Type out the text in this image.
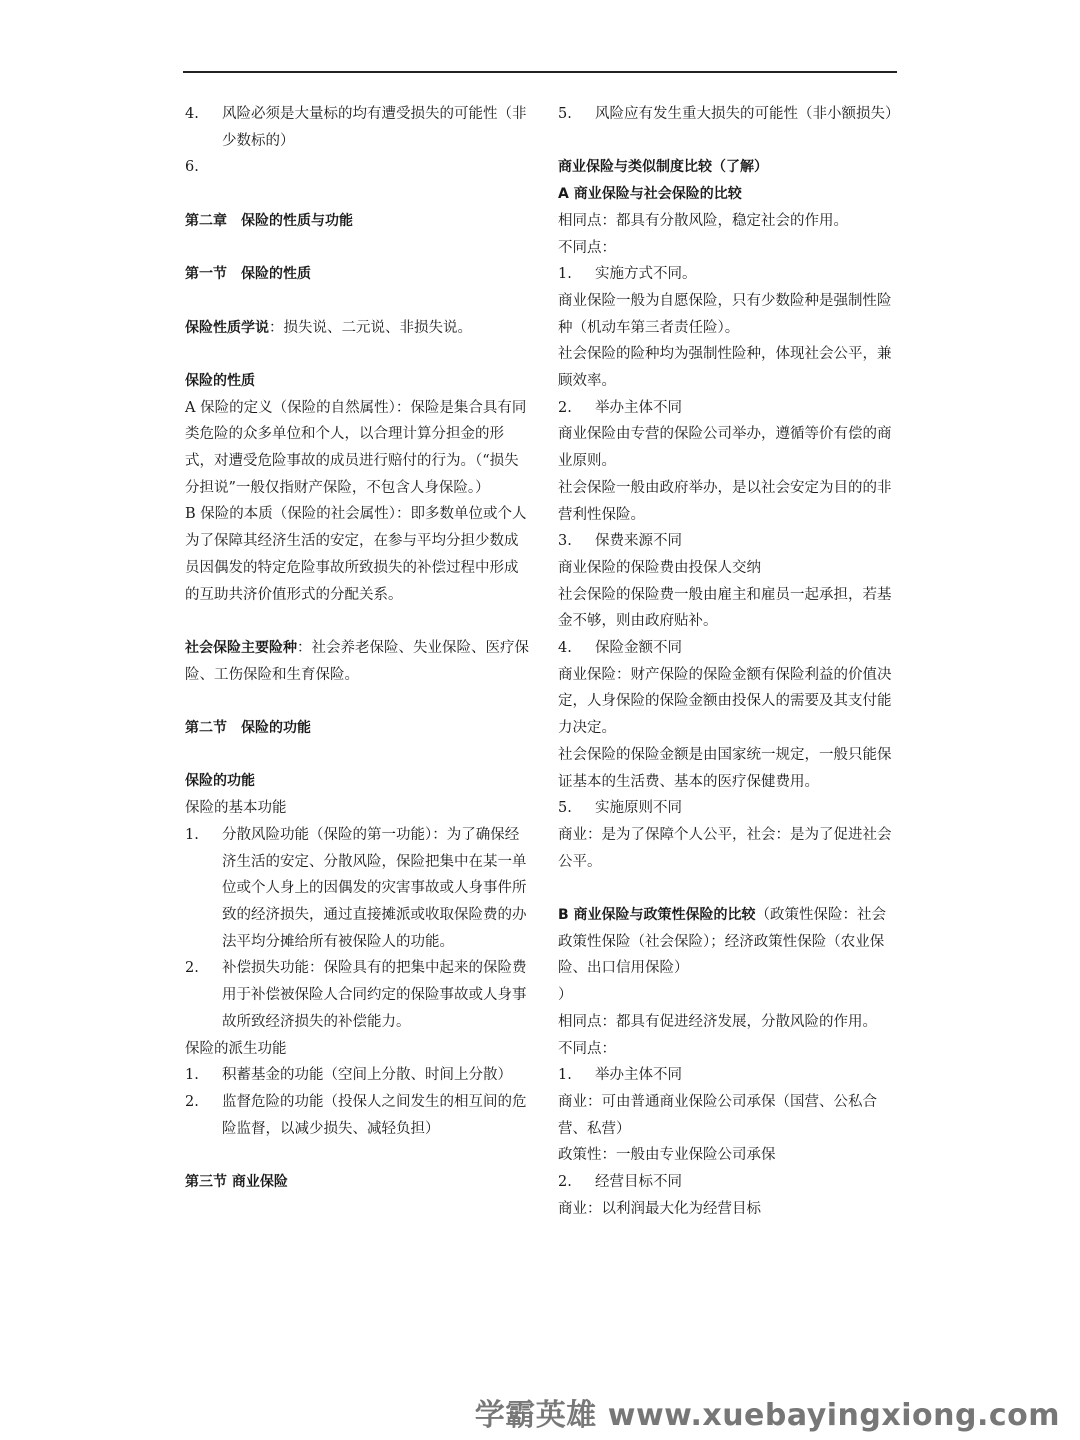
4.	风险必须是大量标的均有遭受损失的可能性（非少数标的）
6.

第二章 保险的性质与功能

第一节 保险的性质

保险性质学说：损失说、二元说、非损失说。

保险的性质

A 保险的定义（保险的自然属性）：保险是集合具有同类危险的众多单位和个人，以合理计算分担金的形式，对遭受危险事故的成员进行赔付的行为。（“损失分担说”一般仅指财产保险，不包含人身保险。）

B 保险的本质（保险的社会属性）：即多数单位或个人为了保障其经济生活的安定，在参与平均分担少数成员因偶发的特定危险事故所致损失的补偿过程中形成的互助共济价值形式的分配关系。

社会保险主要险种：社会养老保险、失业保险、医疗保险、工伤保险和生育保险。

第二节 保险的功能

保险的功能

保险的基本功能

1.	分散风险功能（保险的第一功能）：为了确保经济生活的安定、分散风险，保险把集中在某一单位或个人身上的因偶发的灾害事故或人身事件所致的经济损失，通过直接摊派或收取保险费的办法平均分摊给所有被保险人的功能。
2.	补偿损失功能：保险具有的把集中起来的保险费用于补偿被保险人合同约定的保险事故或人身事故所致经济损失的补偿能力。

保险的派生功能

1.	积蓄基金的功能（空间上分散、时间上分散）
2.	监督危险的功能（投保人之间发生的相互间的危险监督，以减少损失、减轻负担）

第三节 商业保险

5.	风险应有发生重大损失的可能性（非小额损失）

商业保险与类似制度比较（了解）

A 商业保险与社会保险的比较

相同点：都具有分散风险，稳定社会的作用。

不同点：

1.	实施方式不同。

商业保险一般为自愿保险，只有少数险种是强制性险种（机动车第三者责任险）。

社会保险的险种均为强制性险种，体现社会公平，兼顾效率。

2.	举办主体不同

商业保险由专营的保险公司举办，遵循等价有偿的商业原则。

社会保险一般由政府举办，是以社会安定为目的的非营利性保险。

3.	保费来源不同

商业保险的保险费由投保人交纳

社会保险的保险费一般由雇主和雇员一起承担，若基金不够，则由政府贴补。

4.	保险金额不同

商业保险：财产保险的保险金额有保险利益的价值决定，人身保险的保险金额由投保人的需要及其支付能力决定。

社会保险的保险金额是由国家统一规定，一般只能保证基本的生活费、基本的医疗保健费用。

5.	实施原则不同

商业：是为了保障个人公平，社会：是为了促进社会公平。

B 商业保险与政策性保险的比较（政策性保险：社会政策性保险（社会保险）；经济政策性保险（农业保险、出口信用保险）

）

相同点：都具有促进经济发展，分散风险的作用。

不同点：

1.	举办主体不同

商业：可由普通商业保险公司承保（国营、公私合营、私营）

政策性：一般由专业保险公司承保

2.	经营目标不同

商业：以利润最大化为经营目标

学霸英雄 www.xuebayingxiong.com
